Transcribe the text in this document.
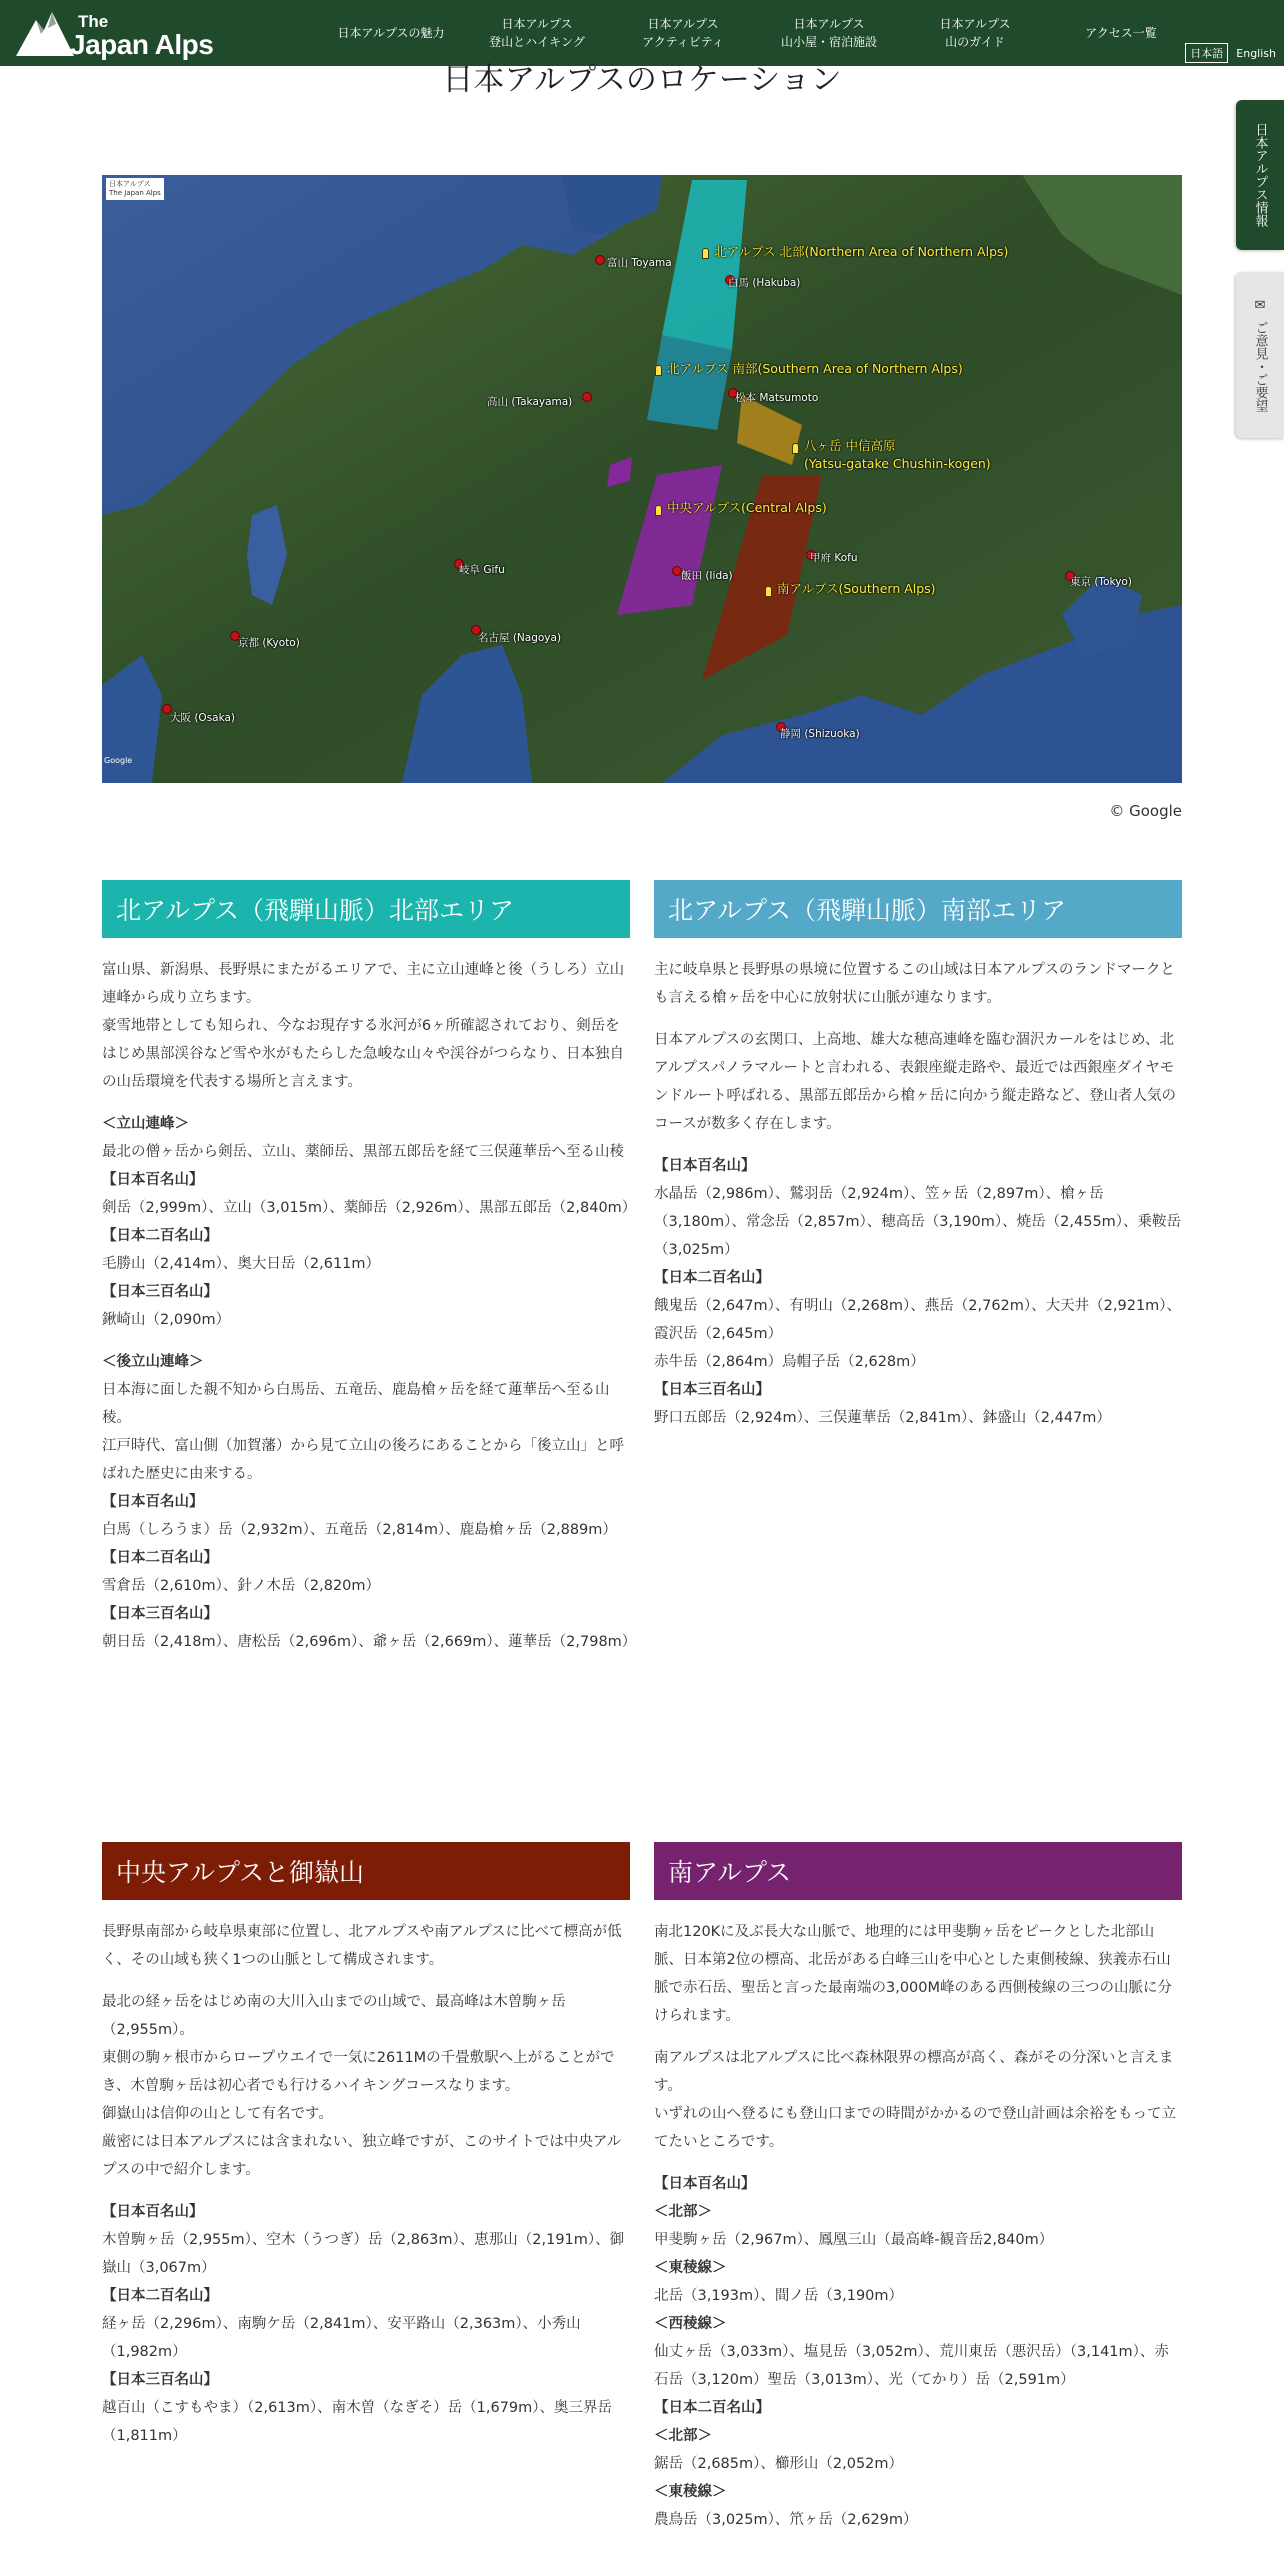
The
Japan Alps	日本アルプスの魅力
日本アルプス
登山とハイキング
日本アルプス
アクティビティ
日本アルプス
山小屋・宿泊施設
日本アルプス
山のガイド
アクセス一覧
日本語	English
日本アルプス情報
✉
ご意見・ご要望
日本アルプスのロケーション
日本アルプス
The Japan Alps
北アルプス 北部(Northern Area of Northern Alps)
北アルプス 南部(Southern Area of Northern Alps)
八ヶ岳 中信高原
(Yatsu-gatake Chushin-kogen)
中央アルプス(Central Alps)
南アルプス(Southern Alps)
富山 Toyama
白馬 (Hakuba)
高山 (Takayama)	松本 Matsumoto
甲府 Kofu
岐阜 Gifu	飯田 (Iida)	東京 (Tokyo)
京都 (Kyoto)	名古屋 (Nagoya)
大阪 (Osaka)
静岡 (Shizuoka)
Google
© Google
北アルプス（飛騨山脈）北部エリア

富山県、新潟県、長野県にまたがるエリアで、主に立山連峰と後（うしろ）立山連峰から成り立ちます。

豪雪地帯としても知られ、今なお現存する氷河が6ヶ所確認されており、剣岳をはじめ黒部渓谷など雪や氷がもたらした急峻な山々や渓谷がつらなり、日本独自の山岳環境を代表する場所と言えます。

＜立山連峰＞

最北の僧ヶ岳から剣岳、立山、薬師岳、黒部五郎岳を経て三俣蓮華岳へ至る山稜

【日本百名山】

剣岳（2,999m）、立山（3,015m）、薬師岳（2,926m）、黒部五郎岳（2,840m）

【日本二百名山】

毛勝山（2,414m）、奥大日岳（2,611m）

【日本三百名山】

鍬崎山（2,090m）

＜後立山連峰＞

日本海に面した親不知から白馬岳、五竜岳、鹿島槍ヶ岳を経て蓮華岳へ至る山稜。

江戸時代、富山側（加賀藩）から見て立山の後ろにあることから「後立山」と呼ばれた歴史に由来する。

【日本百名山】

白馬（しろうま）岳（2,932m）、五竜岳（2,814m）、鹿島槍ヶ岳（2,889m）

【日本二百名山】

雪倉岳（2,610m）、針ノ木岳（2,820m）

【日本三百名山】

朝日岳（2,418m）、唐松岳（2,696m）、爺ヶ岳（2,669m）、蓮華岳（2,798m）

北アルプス（飛騨山脈）南部エリア

主に岐阜県と長野県の県境に位置するこの山域は日本アルプスのランドマークとも言える槍ヶ岳を中心に放射状に山脈が連なります。

日本アルプスの玄関口、上高地、雄大な穂高連峰を臨む涸沢カールをはじめ、北アルプスパノラマルートと言われる、表銀座縦走路や、最近では西銀座ダイヤモンドルート呼ばれる、黒部五郎岳から槍ヶ岳に向かう縦走路など、登山者人気のコースが数多く存在します。

【日本百名山】

水晶岳（2,986m）、鷲羽岳（2,924m）、笠ヶ岳（2,897m）、槍ヶ岳（3,180m）、常念岳（2,857m）、穂高岳（3,190m）、焼岳（2,455m）、乗鞍岳（3,025m）

【日本二百名山】

餓鬼岳（2,647m）、有明山（2,268m）、燕岳（2,762m）、大天井（2,921m）、霞沢岳（2,645m）

赤牛岳（2,864m）烏帽子岳（2,628m）

【日本三百名山】

野口五郎岳（2,924m）、三俣蓮華岳（2,841m）、鉢盛山（2,447m）

中央アルプスと御嶽山

長野県南部から岐阜県東部に位置し、北アルプスや南アルプスに比べて標高が低く、その山域も狭く1つの山脈として構成されます。

最北の経ヶ岳をはじめ南の大川入山までの山域で、最高峰は木曽駒ヶ岳（2,955m）。

東側の駒ヶ根市からロープウエイで一気に2611Mの千畳敷駅へ上がることができ、木曽駒ヶ岳は初心者でも行けるハイキングコースなります。

御嶽山は信仰の山として有名です。

厳密には日本アルプスには含まれない、独立峰ですが、このサイトでは中央アルプスの中で紹介します。

【日本百名山】

木曽駒ヶ岳（2,955m）、空木（うつぎ）岳（2,863m）、恵那山（2,191m）、御嶽山（3,067m）

【日本二百名山】

経ヶ岳（2,296m）、南駒ケ岳（2,841m）、安平路山（2,363m）、小秀山（1,982m）

【日本三百名山】

越百山（こすもやま）（2,613m）、南木曽（なぎそ）岳（1,679m）、奥三界岳（1,811m）

南アルプス

南北120Kに及ぶ長大な山脈で、地理的には甲斐駒ヶ岳をピークとした北部山脈、日本第2位の標高、北岳がある白峰三山を中心とした東側稜線、狭義赤石山脈で赤石岳、聖岳と言った最南端の3,000M峰のある西側稜線の三つの山脈に分けられます。

南アルプスは北アルプスに比べ森林限界の標高が高く、森がその分深いと言えます。

いずれの山へ登るにも登山口までの時間がかかるので登山計画は余裕をもって立てたいところです。

【日本百名山】

＜北部＞

甲斐駒ヶ岳（2,967m）、鳳凰三山（最高峰-観音岳2,840m）

＜東稜線＞

北岳（3,193m）、間ノ岳（3,190m）

＜西稜線＞

仙丈ヶ岳（3,033m）、塩見岳（3,052m）、荒川東岳（悪沢岳）（3,141m）、赤石岳（3,120m）聖岳（3,013m）、光（てかり）岳（2,591m）

【日本二百名山】

＜北部＞

鋸岳（2,685m）、櫛形山（2,052m）

＜東稜線＞

農鳥岳（3,025m）、笊ヶ岳（2,629m）
